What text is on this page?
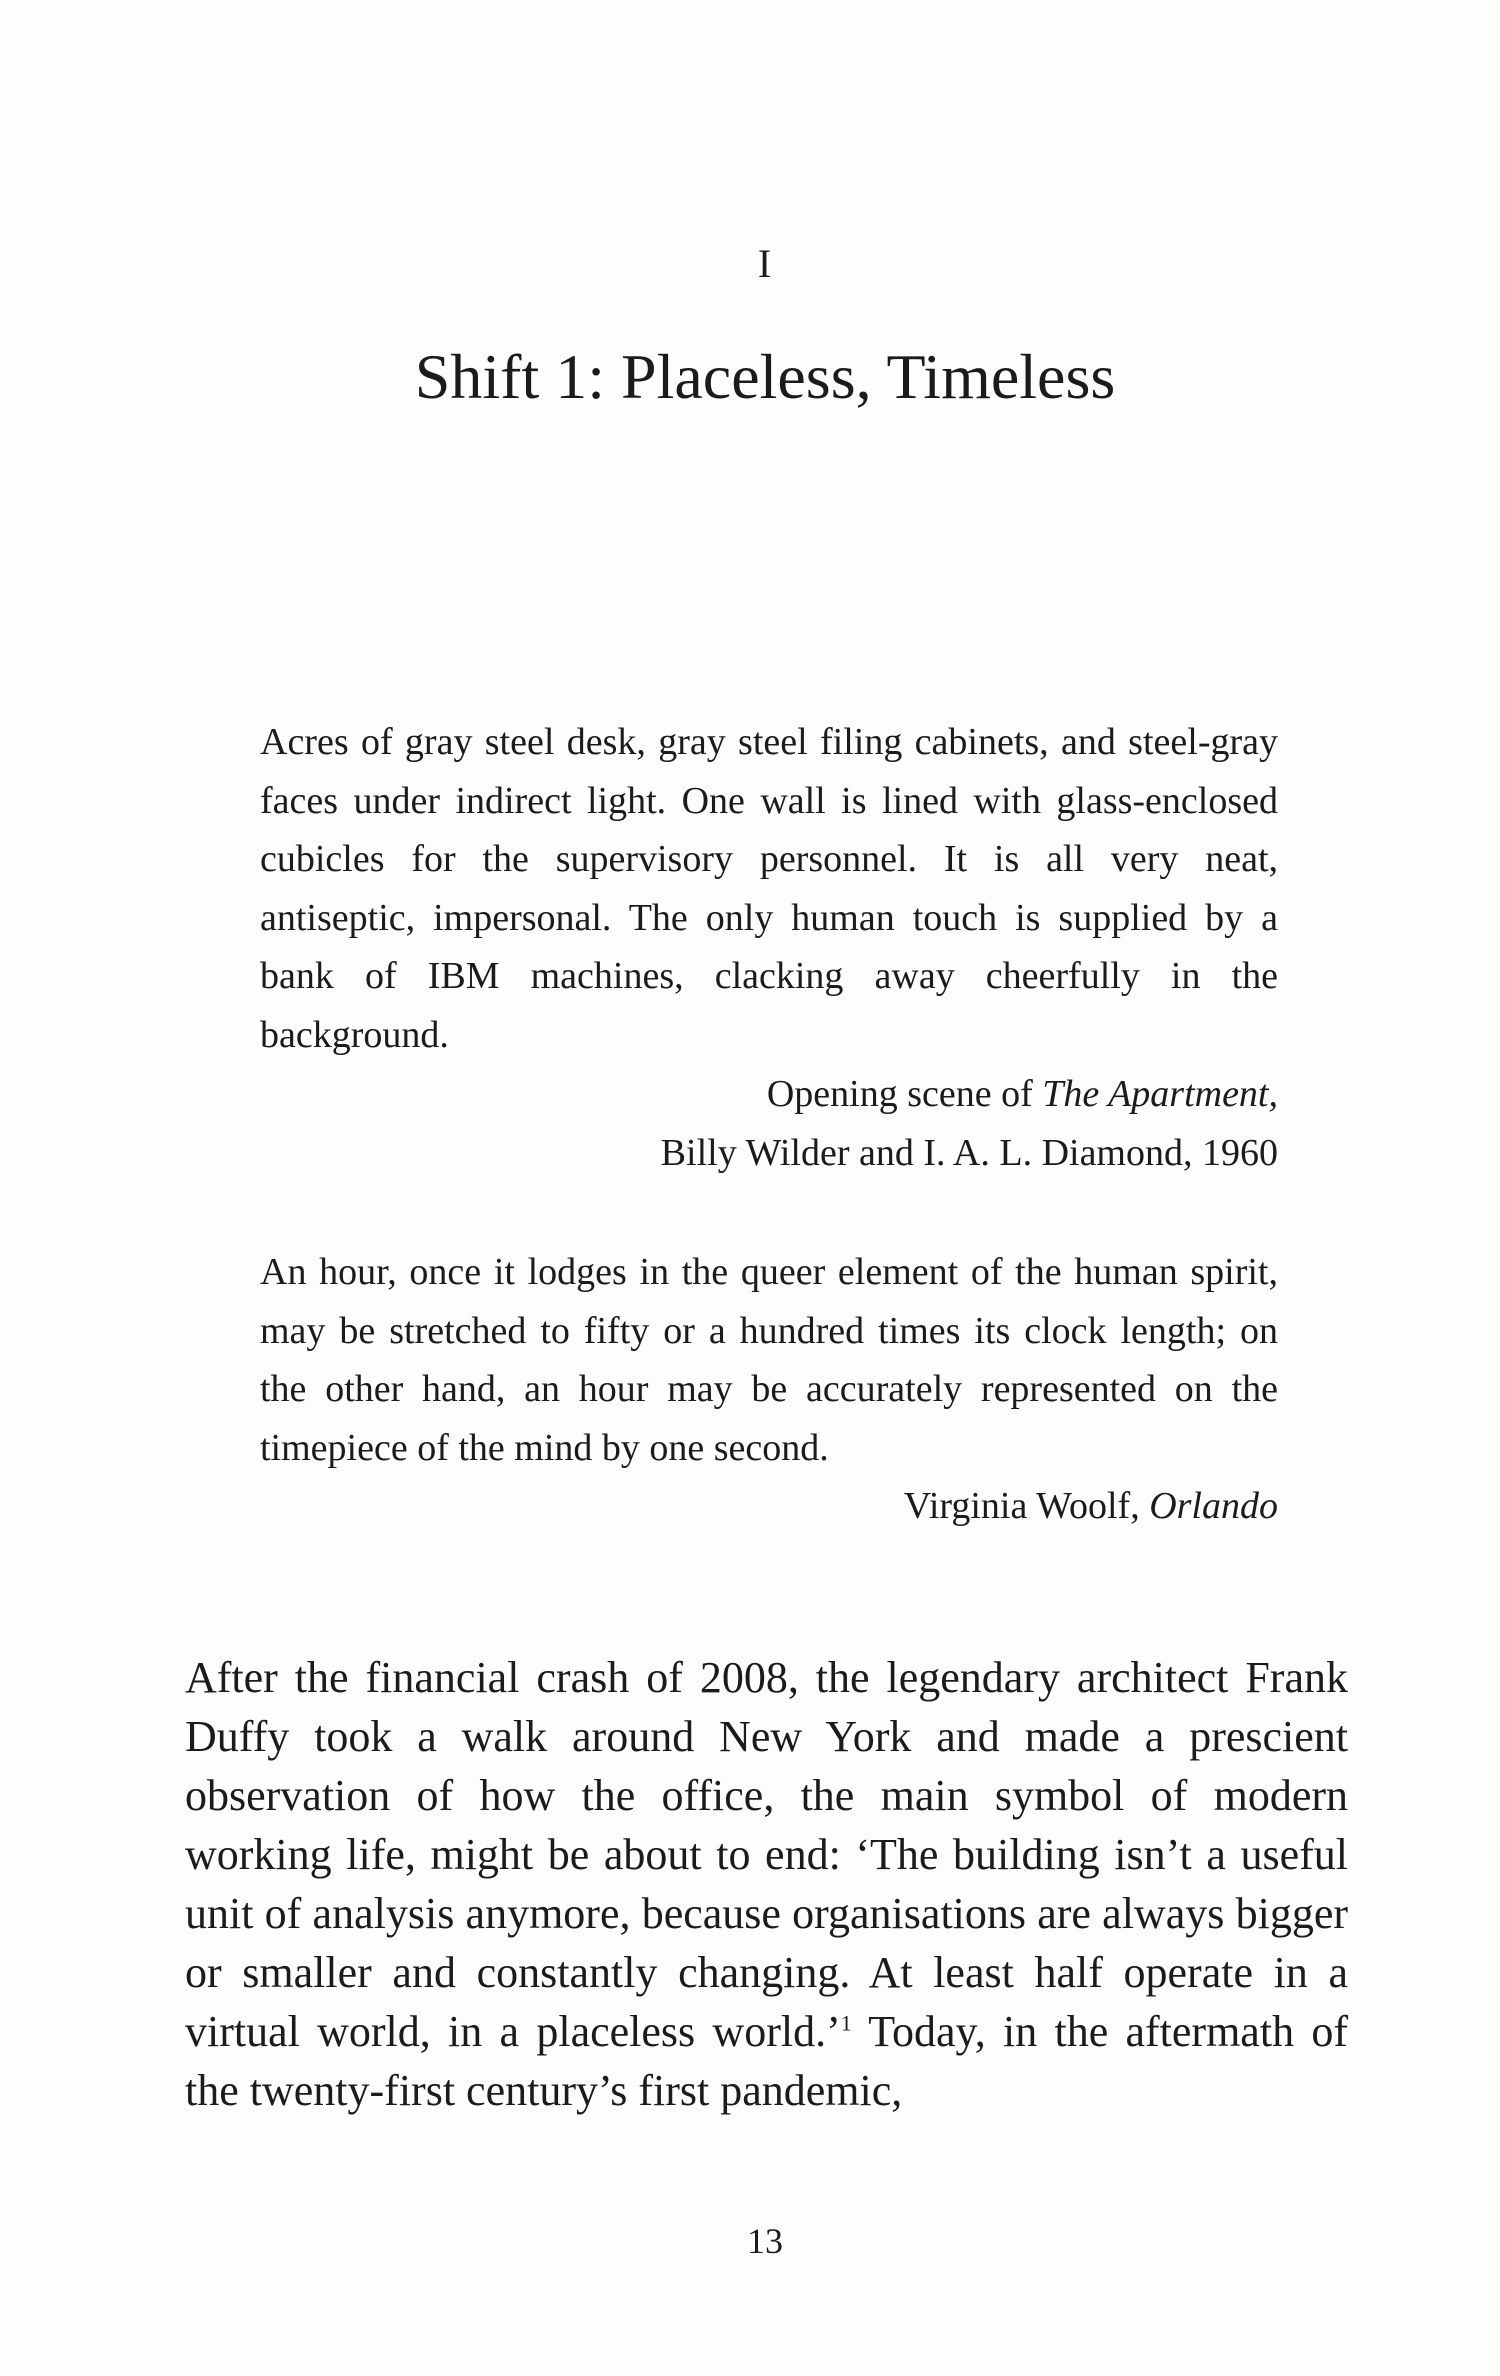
I
Shift 1: Placeless, Timeless

Acres of gray steel desk, gray steel filing cabinets, and steel-gray faces under indirect light. One wall is lined with glass-enclosed cubicles for the supervisory personnel. It is all very neat, antiseptic, impersonal. The only human touch is supplied by a bank of IBM machines, clacking away cheerfully in the background.

Opening scene of The Apartment,
Billy Wilder and I. A. L. Diamond, 1960

An hour, once it lodges in the queer element of the human spirit, may be stretched to fifty or a hundred times its clock length; on the other hand, an hour may be accurately represented on the timepiece of the mind by one second.

Virginia Woolf, Orlando

After the financial crash of 2008, the legendary architect Frank Duffy took a walk around New York and made a prescient observation of how the office, the main symbol of modern working life, might be about to end: ‘The building isn’t a useful unit of analysis anymore, because organisations are always bigger or smaller and constantly changing. At least half operate in a virtual world, in a placeless world.’$^1$ Today, in the aftermath of the twenty-first century’s first pandemic,

13
